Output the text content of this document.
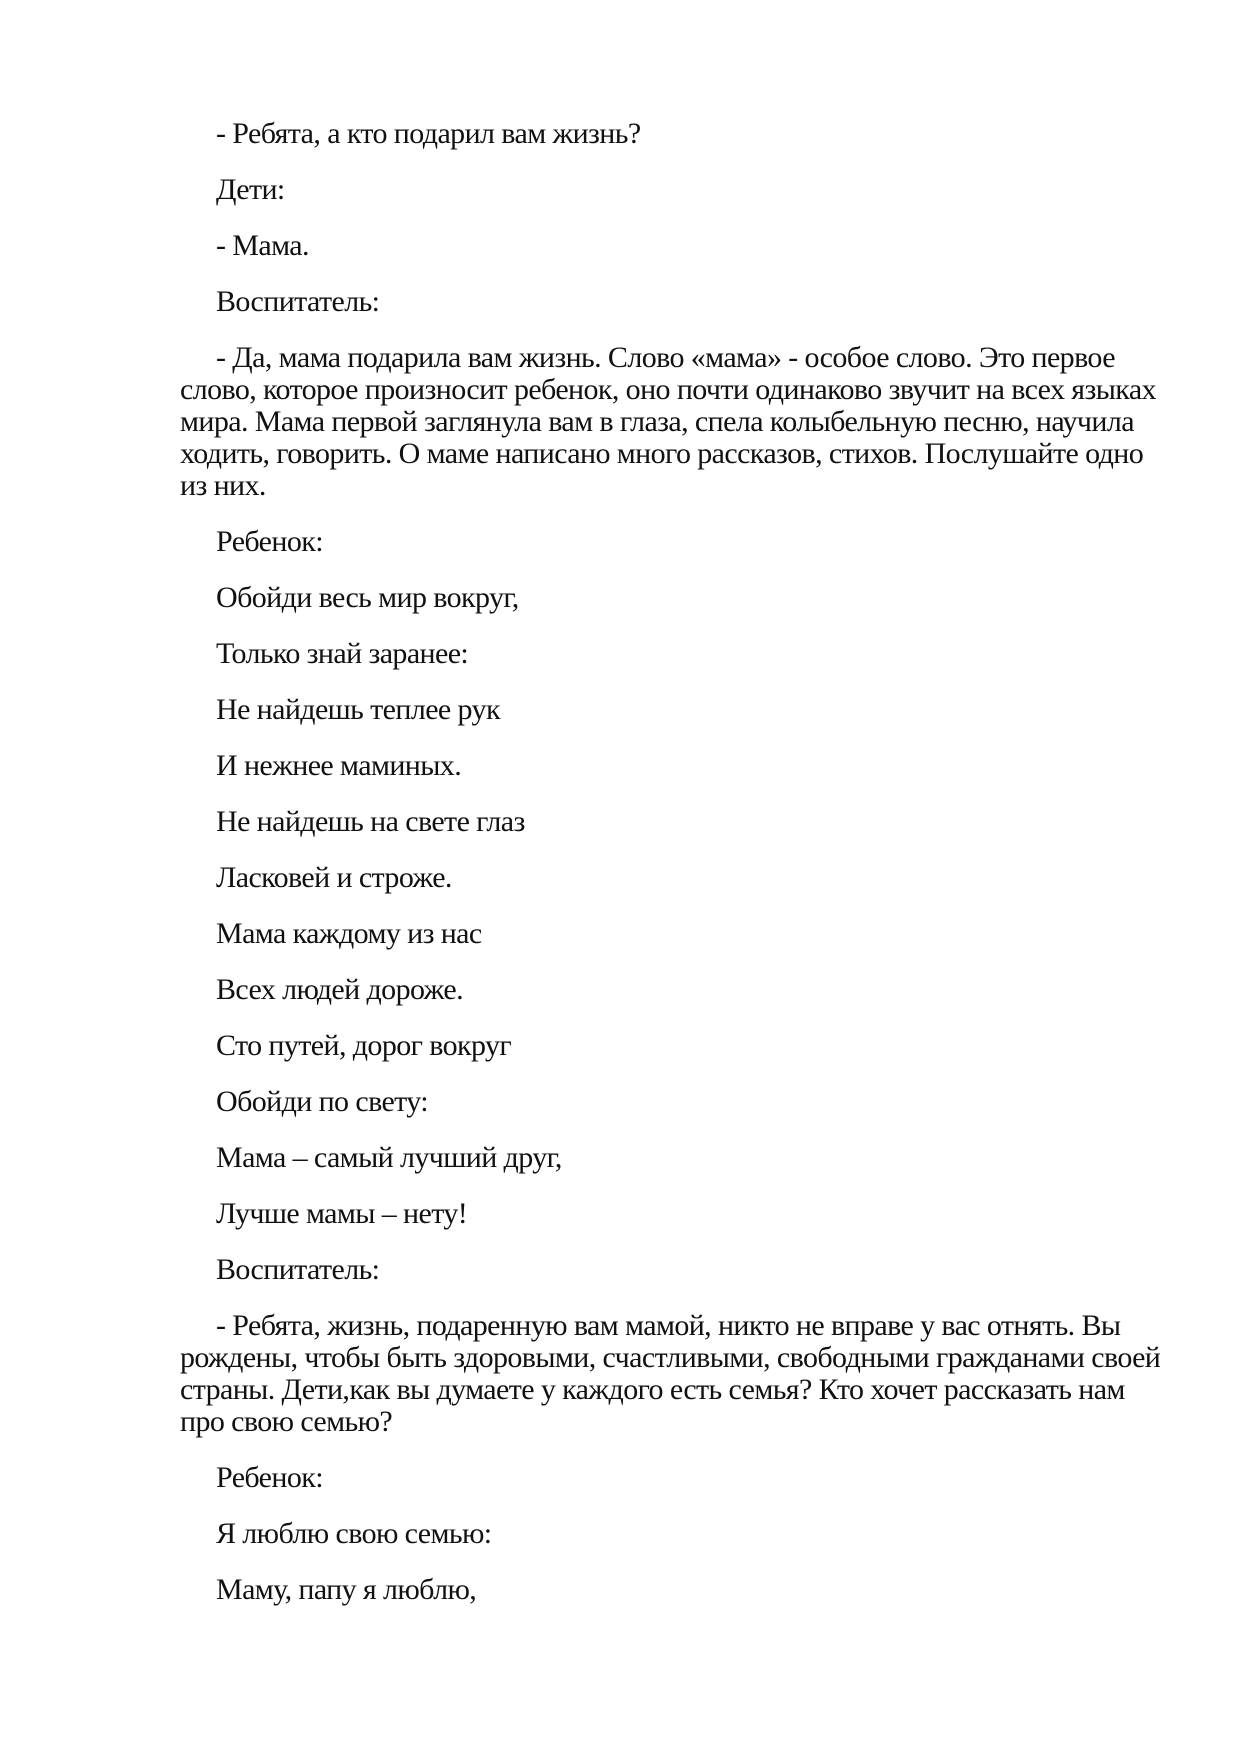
- Ребята, а кто подарил вам жизнь?
Дети:
- Мама.
Воспитатель:
- Да, мама подарила вам жизнь. Слово «мама» - особое слово. Это первое
слово, которое произносит ребенок, оно почти одинаково звучит на всех языках
мира. Мама первой заглянула вам в глаза, спела колыбельную песню, научила
ходить, говорить. О маме написано много рассказов, стихов. Послушайте одно
из них.
Ребенок:
Обойди весь мир вокруг,
Только знай заранее:
Не найдешь теплее рук
И нежнее маминых.
Не найдешь на свете глаз
Ласковей и строже.
Мама каждому из нас
Всех людей дороже.
Сто путей, дорог вокруг
Обойди по свету:
Мама – самый лучший друг,
Лучше мамы – нету!
Воспитатель:
- Ребята, жизнь, подаренную вам мамой, никто не вправе у вас отнять. Вы
рождены, чтобы быть здоровыми, счастливыми, свободными гражданами своей
страны. Дети,как вы думаете у каждого есть семья? Кто хочет рассказать нам
про свою семью?
Ребенок:
Я люблю свою семью:
Маму, папу я люблю,
